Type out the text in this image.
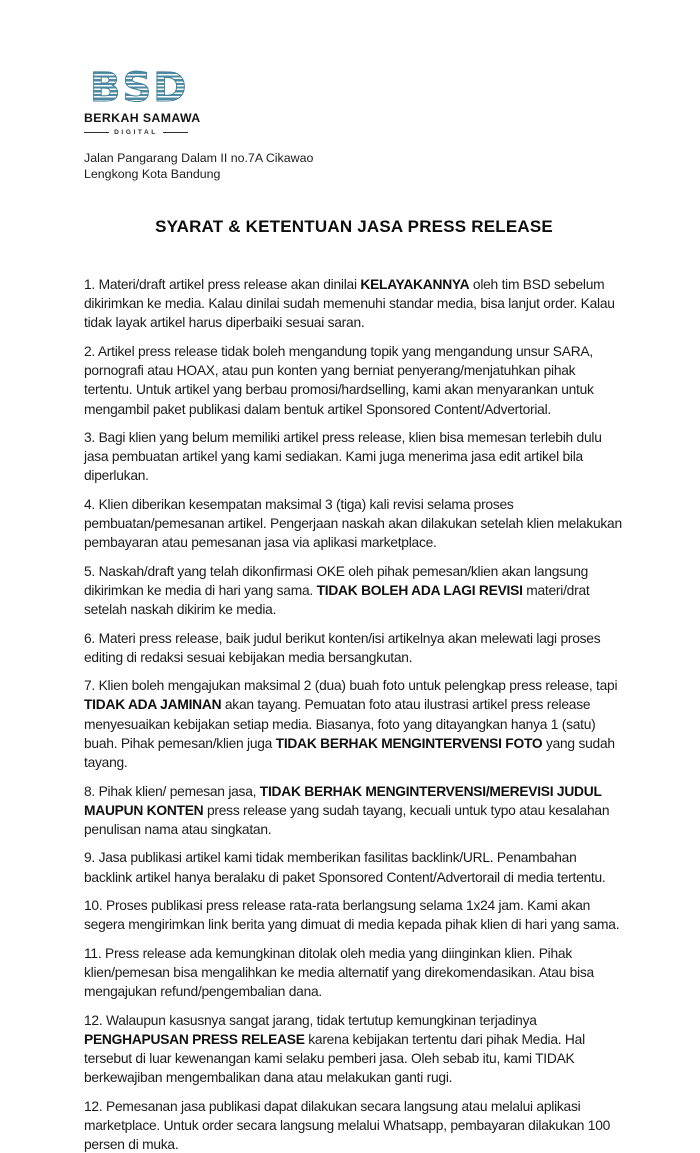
BSD
BERKAH SAMAWA
DIGITAL
Jalan Pangarang Dalam II no.7A Cikawao
Lengkong Kota Bandung
SYARAT & KETENTUAN JASA PRESS RELEASE

1. Materi/draft artikel press release akan dinilai KELAYAKANNYA oleh tim BSD sebelum dikirimkan ke media. Kalau dinilai sudah memenuhi standar media, bisa lanjut order. Kalau tidak layak artikel harus diperbaiki sesuai saran.

2. Artikel press release tidak boleh mengandung topik yang mengandung unsur SARA, pornografi atau HOAX, atau pun konten yang berniat penyerang/menjatuhkan pihak tertentu. Untuk artikel yang berbau promosi/hardselling, kami akan menyarankan untuk mengambil paket publikasi dalam bentuk artikel Sponsored Content/Advertorial.

3. Bagi klien yang belum memiliki artikel press release, klien bisa memesan terlebih dulu jasa pembuatan artikel yang kami sediakan. Kami juga menerima jasa edit artikel bila diperlukan.

4. Klien diberikan kesempatan maksimal 3 (tiga) kali revisi selama proses pembuatan/pemesanan artikel. Pengerjaan naskah akan dilakukan setelah klien melakukan pembayaran atau pemesanan jasa via aplikasi marketplace.

5. Naskah/draft yang telah dikonfirmasi OKE oleh pihak pemesan/klien akan langsung dikirimkan ke media di hari yang sama. TIDAK BOLEH ADA LAGI REVISI materi/drat setelah naskah dikirim ke media.

6. Materi press release, baik judul berikut konten/isi artikelnya akan melewati lagi proses editing di redaksi sesuai kebijakan media bersangkutan.

7. Klien boleh mengajukan maksimal 2 (dua) buah foto untuk pelengkap press release, tapi TIDAK ADA JAMINAN akan tayang. Pemuatan foto atau ilustrasi artikel press release menyesuaikan kebijakan setiap media. Biasanya, foto yang ditayangkan hanya 1 (satu) buah. Pihak pemesan/klien juga TIDAK BERHAK MENGINTERVENSI FOTO yang sudah tayang.

8. Pihak klien/ pemesan jasa, TIDAK BERHAK MENGINTERVENSI/MEREVISI JUDUL MAUPUN KONTEN press release yang sudah tayang, kecuali untuk typo atau kesalahan penulisan nama atau singkatan.

9. Jasa publikasi artikel kami tidak memberikan fasilitas backlink/URL. Penambahan backlink artikel hanya beralaku di paket Sponsored Content/Advertorail di media tertentu.

10. Proses publikasi press release rata-rata berlangsung selama 1x24 jam. Kami akan segera mengirimkan link berita yang dimuat di media kepada pihak klien di hari yang sama.

11. Press release ada kemungkinan ditolak oleh media yang diinginkan klien. Pihak klien/pemesan bisa mengalihkan ke media alternatif yang direkomendasikan. Atau bisa mengajukan refund/pengembalian dana.

12. Walaupun kasusnya sangat jarang, tidak tertutup kemungkinan terjadinya PENGHAPUSAN PRESS RELEASE karena kebijakan tertentu dari pihak Media. Hal tersebut di luar kewenangan kami selaku pemberi jasa. Oleh sebab itu, kami TIDAK berkewajiban mengembalikan dana atau melakukan ganti rugi.

12. Pemesanan jasa publikasi dapat dilakukan secara langsung atau melalui aplikasi marketplace. Untuk order secara langsung melalui Whatsapp, pembayaran dilakukan 100 persen di muka.
